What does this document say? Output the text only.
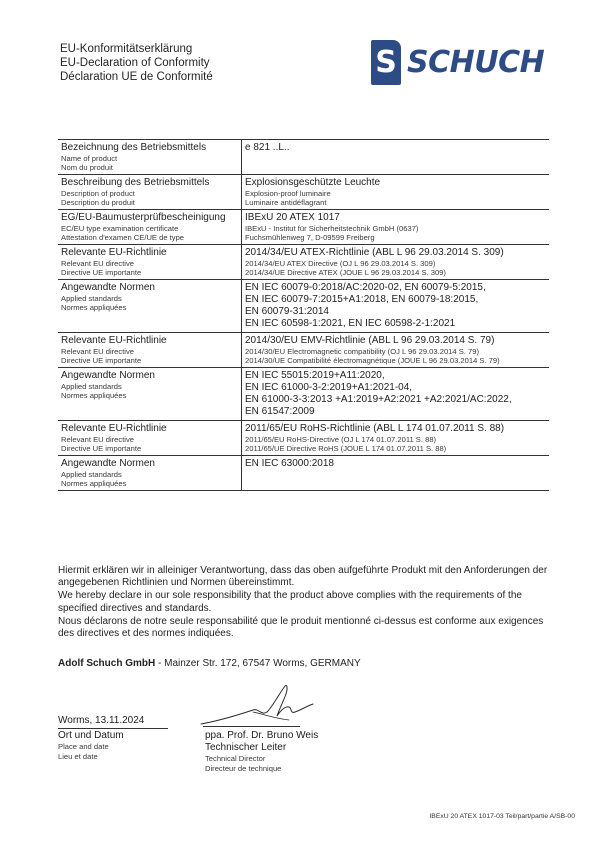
EU-Konformitätserklärung
EU-Declaration of Conformity
Déclaration UE de Conformité	S SCHUCH
Bezeichnung des Betriebsmittels
Name of product
Nom du produit
e 821 ..L..
Beschreibung des Betriebsmittels
Description of product
Description du produit
Explosionsgeschützte Leuchte
Explosion-proof luminaire
Luminaire antidéflagrant
EG/EU-Baumusterprüfbescheinigung
EC/EU type examination certificate
Attestation d'examen CE/UE de type
IBExU 20 ATEX 1017
IBExU - Institut für Sicherheitstechnik GmbH (0637)
Fuchsmühlenweg 7, D-09599 Freiberg
Relevante EU-Richtlinie
Relevant EU directive
Directive UE importante
2014/34/EU ATEX-Richtlinie (ABL L 96 29.03.2014 S. 309)
2014/34/EU ATEX Directive (OJ L 96 29.03.2014 S. 309)
2014/34/UE Directive ATEX (JOUE L 96 29.03.2014 S. 309)
Angewandte Normen
Applied standards
Normes appliquées
EN IEC 60079-0:2018/AC:2020-02, EN 60079-5:2015,
EN IEC 60079-7:2015+A1:2018, EN 60079-18:2015,
EN 60079-31:2014
EN IEC 60598-1:2021, EN IEC 60598-2-1:2021
Relevante EU-Richtlinie
Relevant EU directive
Directive UE importante
2014/30/EU EMV-Richtlinie (ABL L 96 29.03.2014 S. 79)
2014/30/EU Electromagnetic compatibility (OJ L 96 29.03.2014 S. 79)
2014/30/UE Compatibilité électromagnétique (JOUE L 96 29.03.2014 S. 79)
Angewandte Normen
Applied standards
Normes appliquées
EN IEC 55015:2019+A11:2020,
EN IEC 61000-3-2:2019+A1:2021-04,
EN 61000-3-3:2013 +A1:2019+A2:2021 +A2:2021/AC:2022,
EN 61547:2009
Relevante EU-Richtlinie
Relevant EU directive
Directive UE importante
2011/65/EU RoHS-Richtlinie (ABL L 174 01.07.2011 S. 88)
2011/65/EU RoHS-Directive (OJ L 174 01.07.2011 S. 88)
2011/65/UE Directive RoHS (JOUE L 174 01.07.2011 S. 88)
Angewandte Normen
Applied standards
Normes appliquées
EN IEC 63000:2018

Hiermit erklären wir in alleiniger Verantwortung, dass das oben aufgeführte Produkt mit den Anforderungen der angegebenen Richtlinien und Normen übereinstimmt.

We hereby declare in our sole responsibility that the product above complies with the requirements of the specified directives and standards.

Nous déclarons de notre seule responsabilité que le produit mentionné ci-dessus est conforme aux exigences des directives et des normes indiquées.

Adolf Schuch GmbH - Mainzer Str. 172, 67547 Worms, GERMANY
Worms, 13.11.2024
Ort und Datum
Place and date
Lieu et date
ppa. Prof. Dr. Bruno Weis
Technischer Leiter
Technical Director
Directeur de technique
IBExU 20 ATEX 1017-03 Teil/part/partie A/SB-00
